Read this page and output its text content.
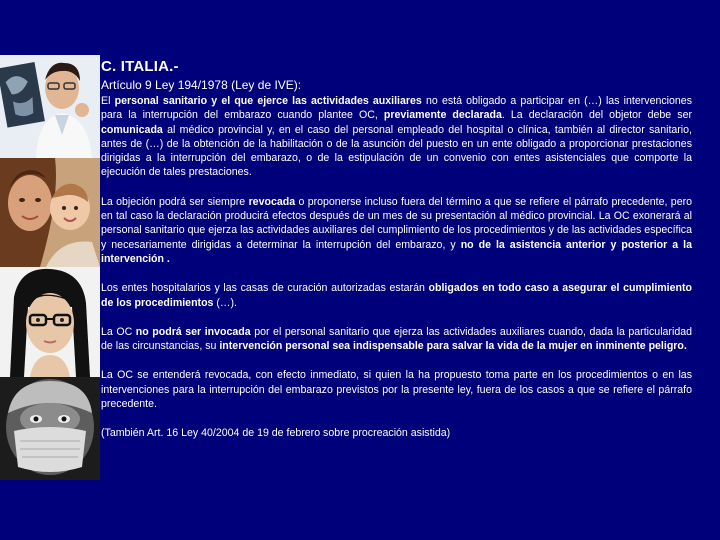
C. ITALIA.-
Artículo 9 Ley 194/1978 (Ley de IVE):
El personal sanitario y el que ejerce las actividades auxiliares no está obligado a participar en (…) las intervenciones para la interrupción del embarazo cuando plantee OC, previamente declarada. La declaración del objetor debe ser comunicada al médico provincial y, en el caso del personal empleado del hospital o clínica, también al director sanitario, antes de (…) de la obtención de la habilitación o de la asunción del puesto en un ente obligado a proporcionar prestaciones dirigidas a la interrupción del embarazo, o de la estipulación de un convenio con entes asistenciales que comporte la ejecución de tales prestaciones.
La objeción podrá ser siempre revocada o proponerse incluso fuera del término a que se refiere el párrafo precedente, pero en tal caso la declaración producirá efectos después de un mes de su presentación al médico provincial. La OC exonerará al personal sanitario que ejerza las actividades auxiliares del cumplimiento de los procedimientos y de las actividades específica y necesariamente dirigidas a determinar la interrupción del embarazo, y no de la asistencia anterior y posterior a la intervención .
Los entes hospitalarios y las casas de curación autorizadas estarán obligados en todo caso a asegurar el cumplimiento de los procedimientos (…).
La OC no podrá ser invocada por el personal sanitario que ejerza las actividades auxiliares cuando, dada la particularidad de las circunstancias, su intervención personal sea indispensable para salvar la vida de la mujer en inminente peligro.
La OC se entenderá revocada, con efecto inmediato, si quien la ha propuesto toma parte en los procedimientos o en las intervenciones para la interrupción del embarazo previstos por la presente ley, fuera de los casos a que se refiere el párrafo precedente.
(También Art. 16 Ley 40/2004 de 19 de febrero sobre procreación asistida)
